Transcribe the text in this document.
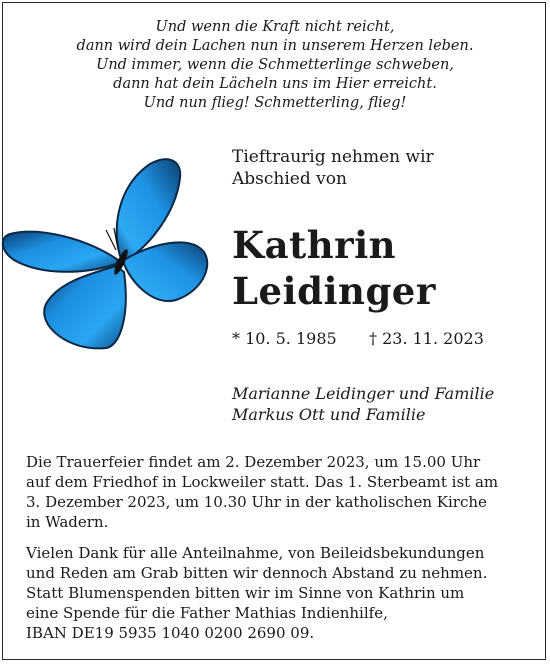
Und wenn die Kraft nicht reicht,
dann wird dein Lachen nun in unserem Herzen leben.
Und immer, wenn die Schmetterlinge schweben,
dann hat dein Lächeln uns im Hier erreicht.
Und nun flieg! Schmetterling, flieg!
Tieftraurig nehmen wir
Abschied von
Kathrin
Leidinger
* 10. 5. 1985 † 23. 11. 2023
Marianne Leidinger und Familie
Markus Ott und Familie
Die Trauerfeier findet am 2. Dezember 2023, um 15.00 Uhr
auf dem Friedhof in Lockweiler statt. Das 1. Sterbeamt ist am
3. Dezember 2023, um 10.30 Uhr in der katholischen Kirche
in Wadern.
Vielen Dank für alle Anteilnahme, von Beileidsbekundungen
und Reden am Grab bitten wir dennoch Abstand zu nehmen.
Statt Blumenspenden bitten wir im Sinne von Kathrin um
eine Spende für die Father Mathias Indienhilfe,
IBAN DE19 5935 1040 0200 2690 09.
